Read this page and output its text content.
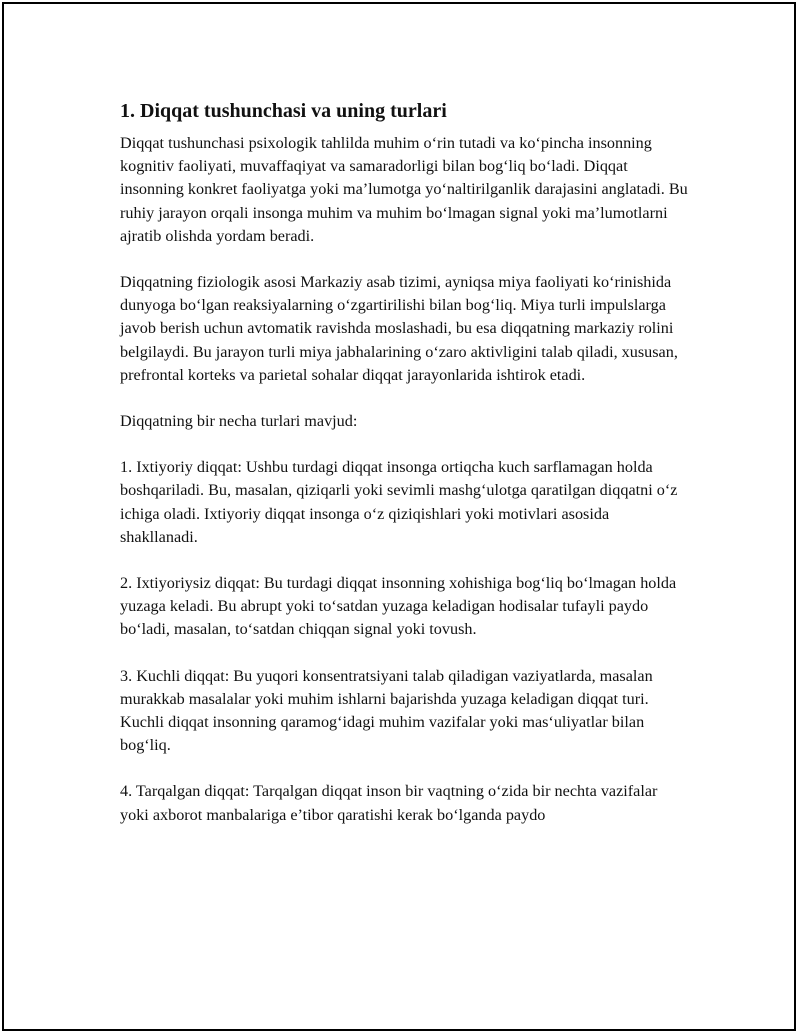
1. Diqqat tushunchasi va uning turlari

Diqqat tushunchasi psixologik tahlilda muhim o‘rin tutadi va ko‘pincha insonning kognitiv faoliyati, muvaffaqiyat va samaradorligi bilan bog‘liq bo‘ladi. Diqqat insonning konkret faoliyatga yoki ma’lumotga yo‘naltirilganlik darajasini anglatadi. Bu ruhiy jarayon orqali insonga muhim va muhim bo‘lmagan signal yoki ma’lumotlarni ajratib olishda yordam beradi.

Diqqatning fiziologik asosi Markaziy asab tizimi, ayniqsa miya faoliyati ko‘rinishida dunyoga bo‘lgan reaksiyalarning o‘zgartirilishi bilan bog‘liq. Miya turli impulslarga javob berish uchun avtomatik ravishda moslashadi, bu esa diqqatning markaziy rolini belgilaydi. Bu jarayon turli miya jabhalarining o‘zaro aktivligini talab qiladi, xususan, prefrontal korteks va parietal sohalar diqqat jarayonlarida ishtirok etadi.

Diqqatning bir necha turlari mavjud:

1. Ixtiyoriy diqqat: Ushbu turdagi diqqat insonga ortiqcha kuch sarflamagan holda boshqariladi. Bu, masalan, qiziqarli yoki sevimli mashg‘ulotga qaratilgan diqqatni o‘z ichiga oladi. Ixtiyoriy diqqat insonga o‘z qiziqishlari yoki motivlari asosida shakllanadi.

2. Ixtiyoriysiz diqqat: Bu turdagi diqqat insonning xohishiga bog‘liq bo‘lmagan holda yuzaga keladi. Bu abrupt yoki to‘satdan yuzaga keladigan hodisalar tufayli paydo bo‘ladi, masalan, to‘satdan chiqqan signal yoki tovush.

3. Kuchli diqqat: Bu yuqori konsentratsiyani talab qiladigan vaziyatlarda, masalan murakkab masalalar yoki muhim ishlarni bajarishda yuzaga keladigan diqqat turi. Kuchli diqqat insonning qaramog‘idagi muhim vazifalar yoki mas‘uliyatlar bilan bog‘liq.

4. Tarqalgan diqqat: Tarqalgan diqqat inson bir vaqtning o‘zida bir nechta vazifalar yoki axborot manbalariga e’tibor qaratishi kerak bo‘lganda paydo
